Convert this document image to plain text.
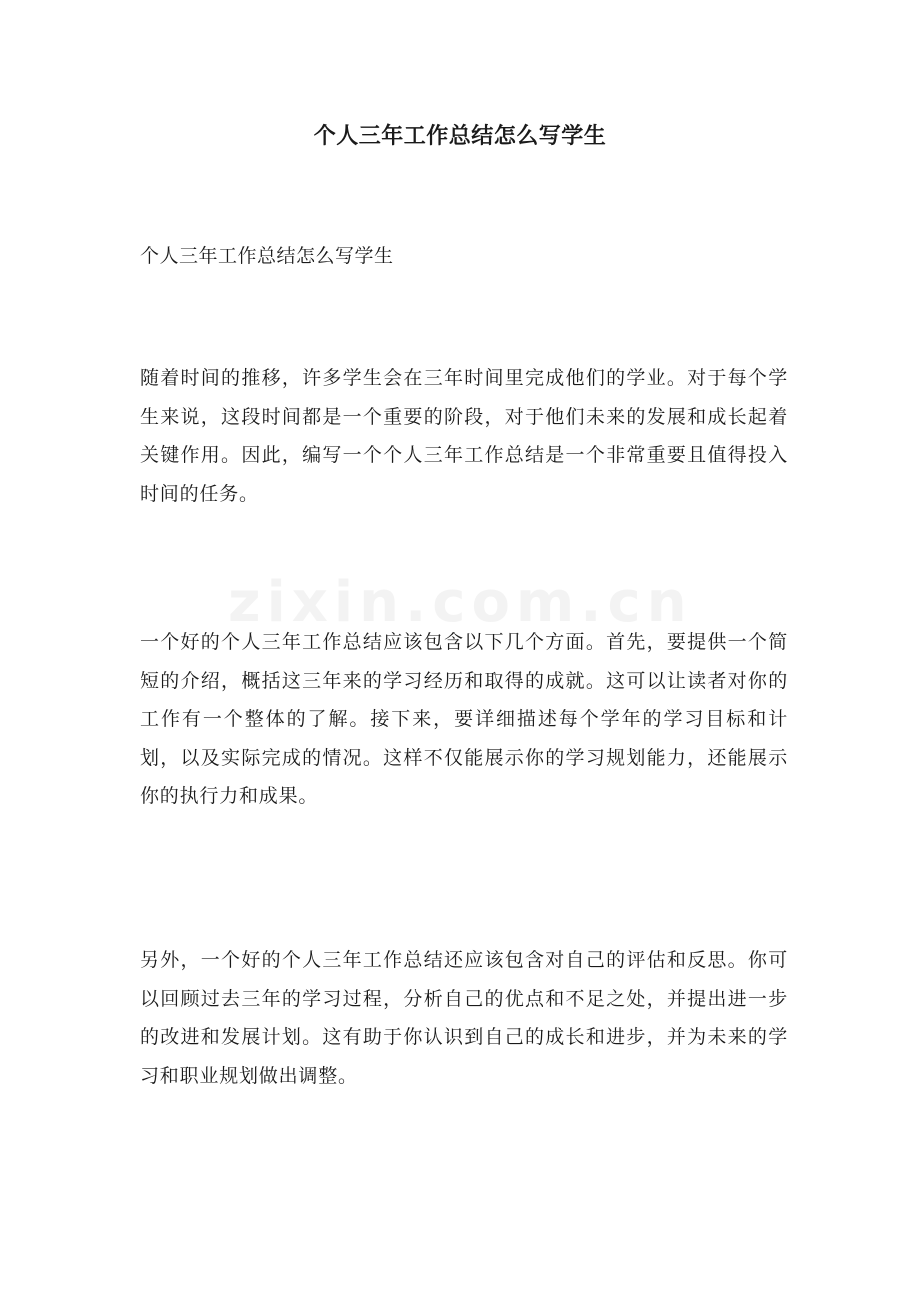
zixin.com.cn
个人三年工作总结怎么写学生
个人三年工作总结怎么写学生

随着时间的推移，许多学生会在三年时间里完成他们的学业。对于每个学生来说，这段时间都是一个重要的阶段，对于他们未来的发展和成长起着关键作用。因此，编写一个个人三年工作总结是一个非常重要且值得投入时间的任务。

一个好的个人三年工作总结应该包含以下几个方面。首先，要提供一个简短的介绍，概括这三年来的学习经历和取得的成就。这可以让读者对你的工作有一个整体的了解。接下来，要详细描述每个学年的学习目标和计划，以及实际完成的情况。这样不仅能展示你的学习规划能力，还能展示你的执行力和成果。

另外，一个好的个人三年工作总结还应该包含对自己的评估和反思。你可以回顾过去三年的学习过程，分析自己的优点和不足之处，并提出进一步的改进和发展计划。这有助于你认识到自己的成长和进步，并为未来的学习和职业规划做出调整。
